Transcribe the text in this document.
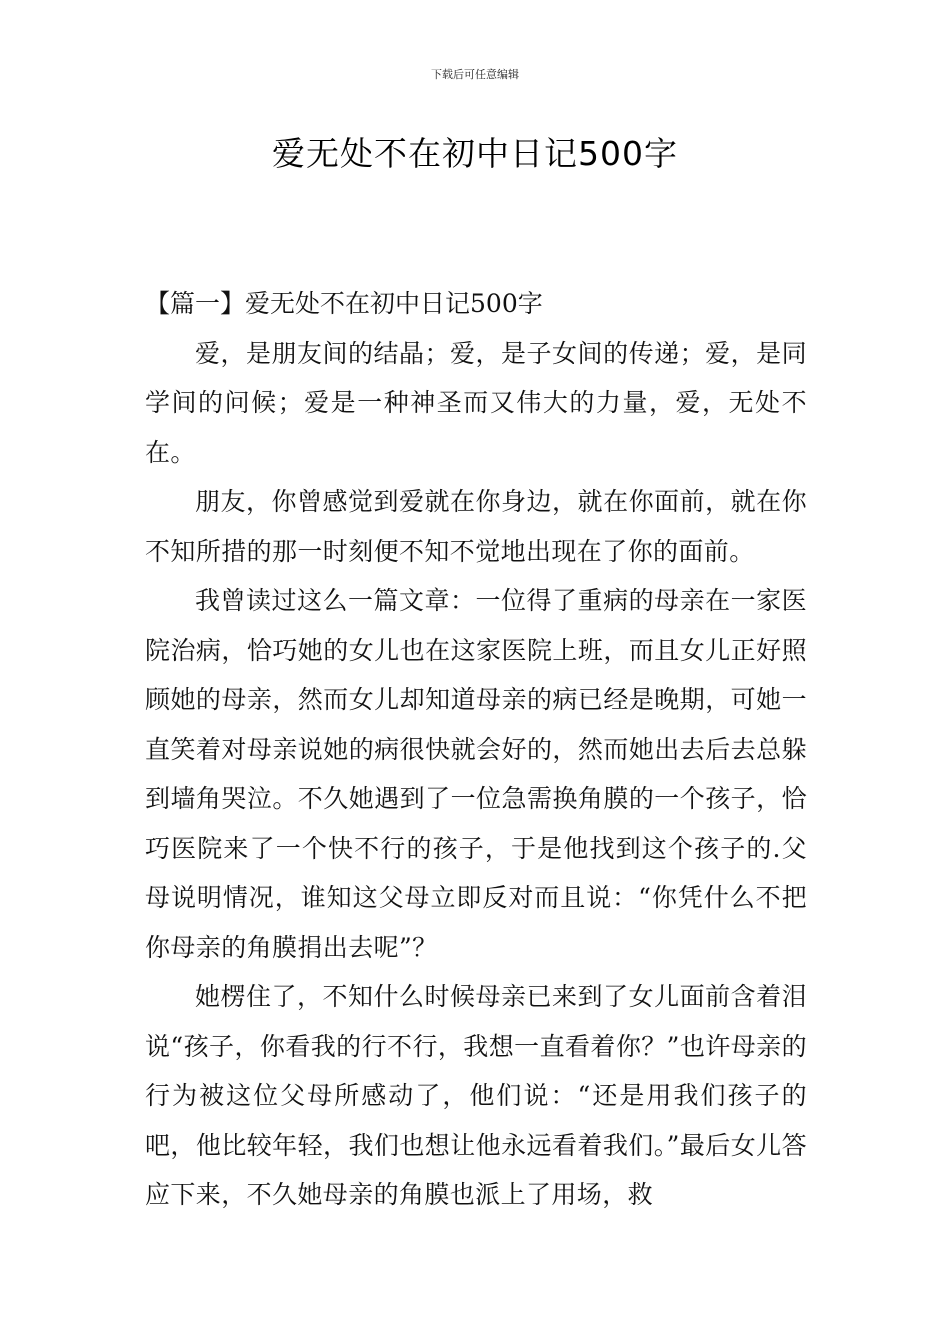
下载后可任意编辑
爱无处不在初中日记500字

【篇一】爱无处不在初中日记500字

爱，是朋友间的结晶；爱，是子女间的传递；爱，是同学间的问候；爱是一种神圣而又伟大的力量，爱，无处不在。

朋友，你曾感觉到爱就在你身边，就在你面前，就在你不知所措的那一时刻便不知不觉地出现在了你的面前。

我曾读过这么一篇文章：一位得了重病的母亲在一家医院治病，恰巧她的女儿也在这家医院上班，而且女儿正好照顾她的母亲，然而女儿却知道母亲的病已经是晚期，可她一直笑着对母亲说她的病很快就会好的，然而她出去后去总躲到墙角哭泣。不久她遇到了一位急需换角膜的一个孩子，恰巧医院来了一个快不行的孩子，于是他找到这个孩子的.父母说明情况，谁知这父母立即反对而且说：“你凭什么不把你母亲的角膜捐出去呢”？

她楞住了，不知什么时候母亲已来到了女儿面前含着泪说“孩子，你看我的行不行，我想一直看着你？”也许母亲的行为被这位父母所感动了，他们说：“还是用我们孩子的吧，他比较年轻，我们也想让他永远看着我们。”最后女儿答应下来，不久她母亲的角膜也派上了用场，救
